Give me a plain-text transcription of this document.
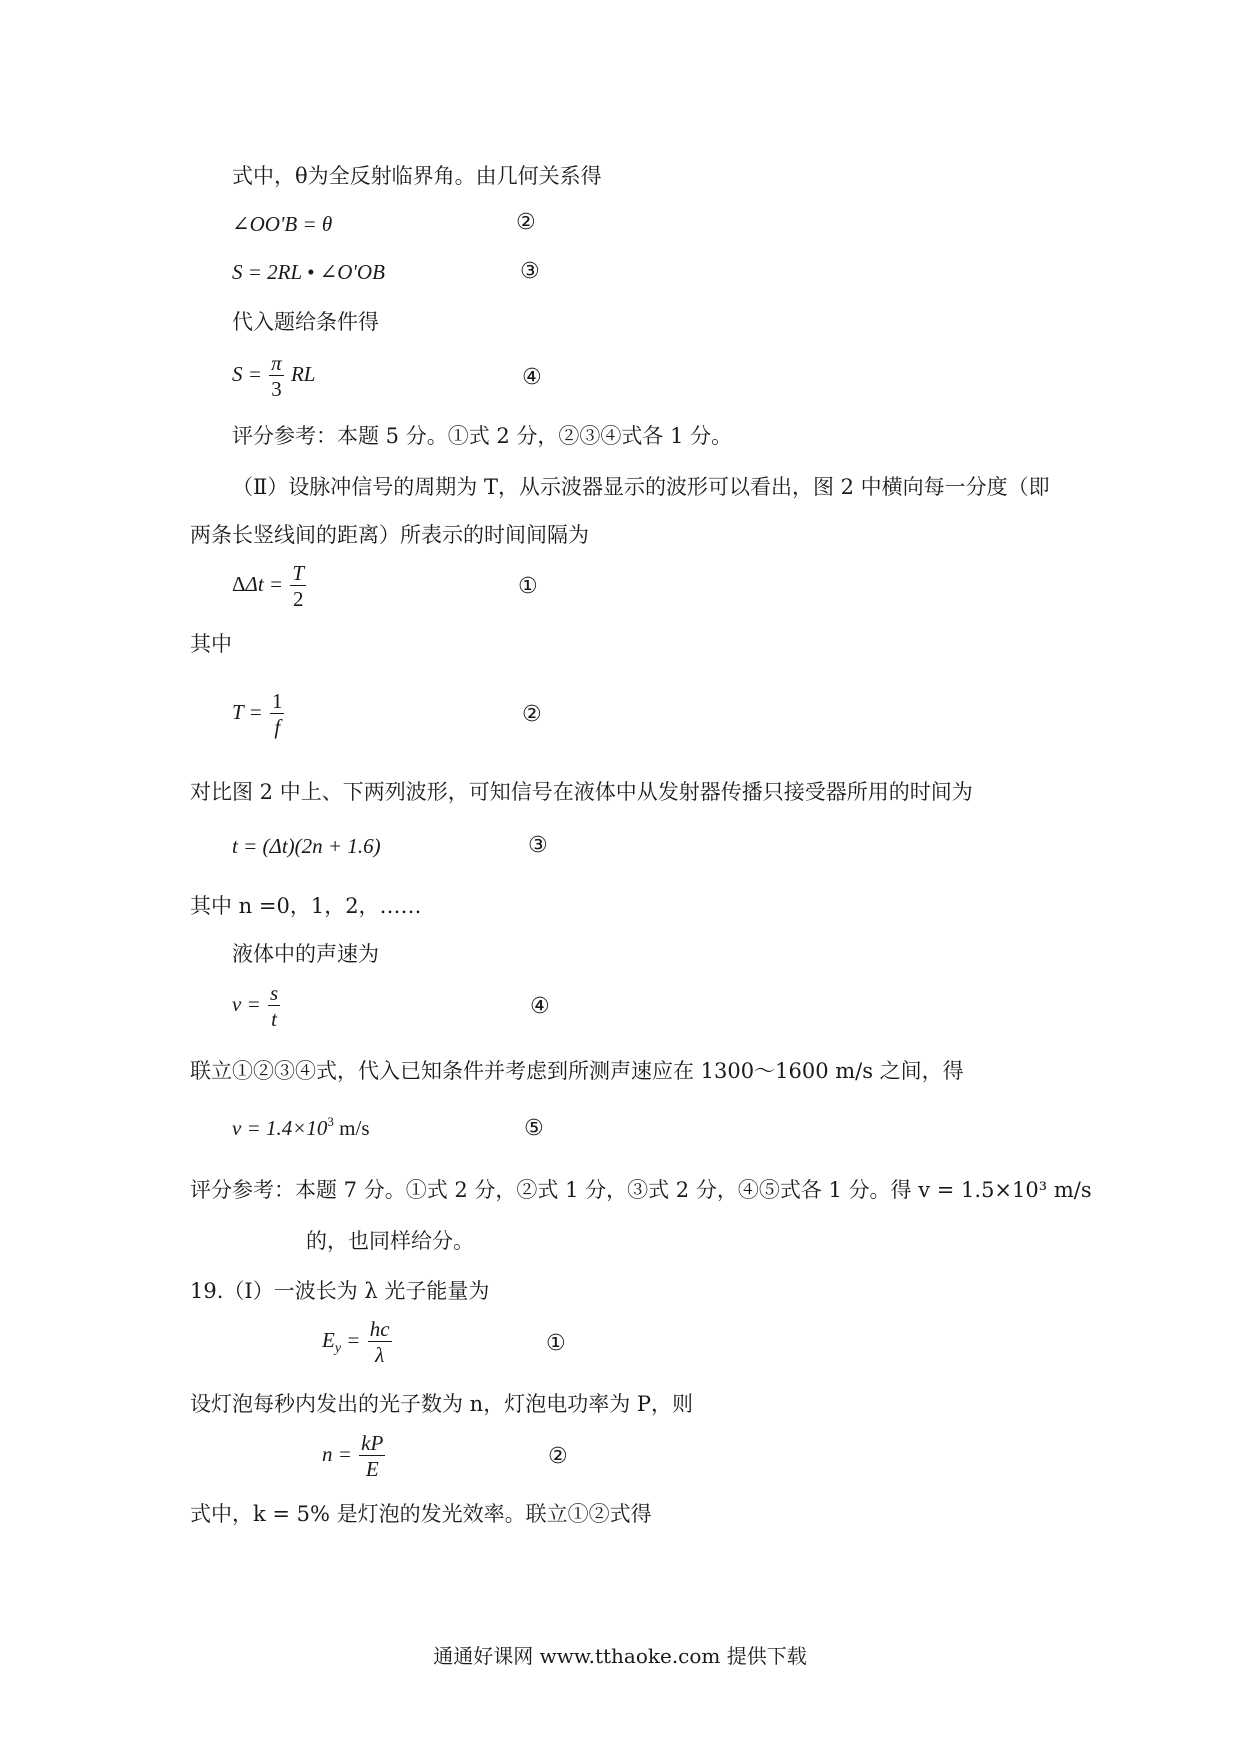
式中，θ为全反射临界角。由几何关系得
∠OO'B = θ	②
S = 2RL • ∠O'OB	③
代入题给条件得
$S = \frac{\pi}{3}$ RL	④
评分参考：本题 5 分。①式 2 分，②③④式各 1 分。
（Ⅱ）设脉冲信号的周期为 T，从示波器显示的波形可以看出，图 2 中横向每一分度（即
两条长竖线间的距离）所表示的时间间隔为
$\Delta\Delta t = \frac{T}{2}$	①
其中
$T = \frac{1}{f}$	②
对比图 2 中上、下两列波形，可知信号在液体中从发射器传播只接受器所用的时间为
t = (Δt)(2n + 1.6)	③
其中 n =0，1，2，……
液体中的声速为
$v = \frac{s}{t}$	④
联立①②③④式，代入已知条件并考虑到所测声速应在 1300～1600 m/s 之间，得
$v = 1.4\times 10^3$ m/s	⑤
评分参考：本题 7 分。①式 2 分，②式 1 分，③式 2 分，④⑤式各 1 分。得 v = 1.5×10³ m/s
的，也同样给分。
19.（Ⅰ）一波长为 λ 光子能量为
$E_y = \frac{hc}{\lambda}$	①
设灯泡每秒内发出的光子数为 n，灯泡电功率为 P，则
$n = \frac{kP}{E}$	②
式中，k = 5% 是灯泡的发光效率。联立①②式得
通通好课网 www.tthaoke.com 提供下载
